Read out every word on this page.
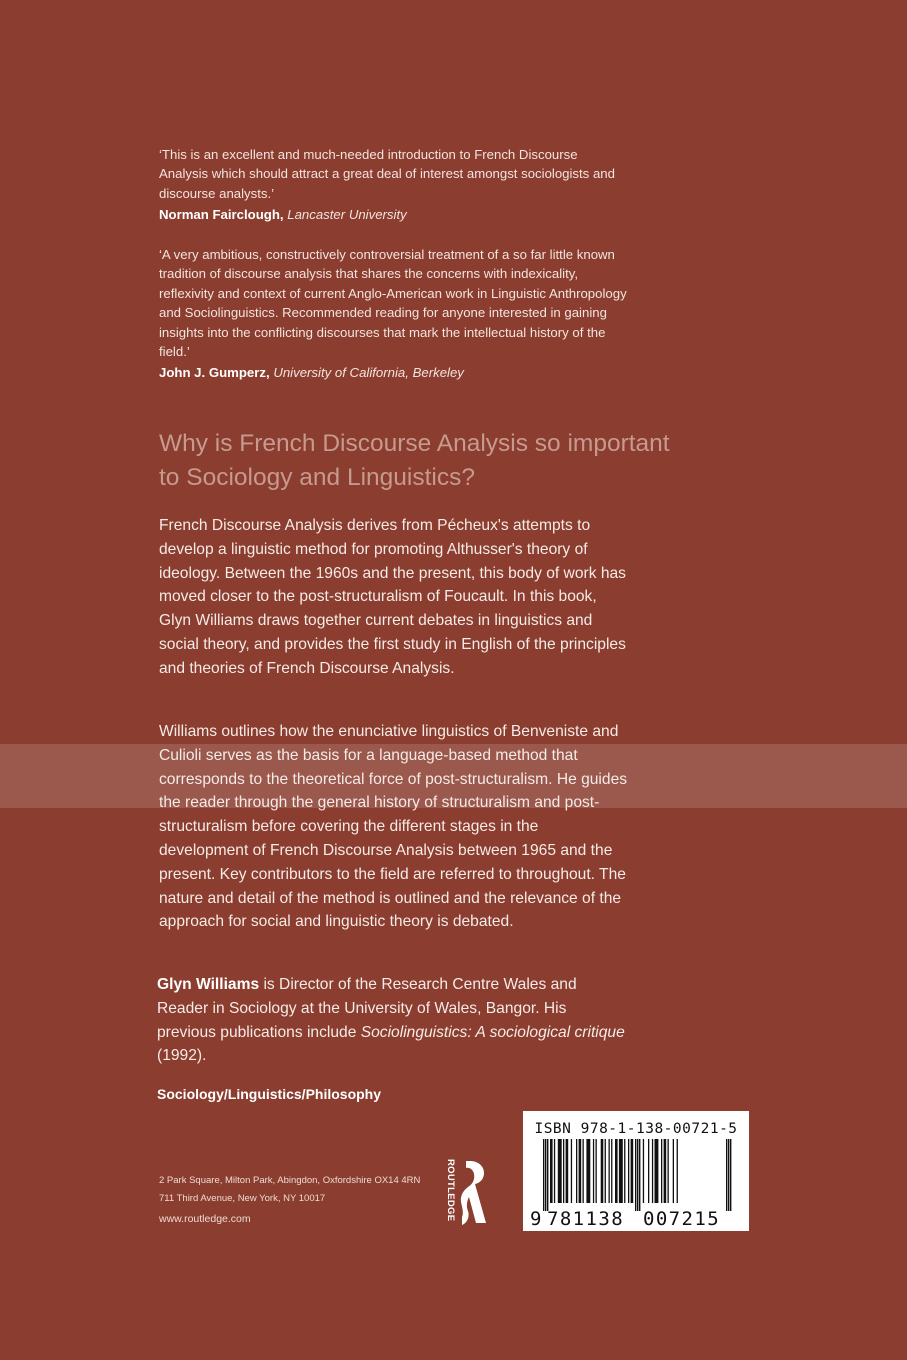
‘This is an excellent and much-needed introduction to French Discourse Analysis which should attract a great deal of interest amongst sociologists and discourse analysts.’
Norman Fairclough, Lancaster University
‘A very ambitious, constructively controversial treatment of a so far little known tradition of discourse analysis that shares the concerns with indexicality, reflexivity and context of current Anglo-American work in Linguistic Anthropology and Sociolinguistics. Recommended reading for anyone interested in gaining insights into the conflicting discourses that mark the intellectual history of the field.’
John J. Gumperz, University of California, Berkeley
Why is French Discourse Analysis so important to Sociology and Linguistics?

French Discourse Analysis derives from Pécheux's attempts to develop a linguistic method for promoting Althusser's theory of ideology. Between the 1960s and the present, this body of work has moved closer to the post-structuralism of Foucault. In this book, Glyn Williams draws together current debates in linguistics and social theory, and provides the first study in English of the principles and theories of French Discourse Analysis.

Williams outlines how the enunciative linguistics of Benveniste and Culioli serves as the basis for a language-based method that corresponds to the theoretical force of post-structuralism. He guides the reader through the general history of structuralism and post-structuralism before covering the different stages in the development of French Discourse Analysis between 1965 and the present. Key contributors to the field are referred to throughout. The nature and detail of the method is outlined and the relevance of the approach for social and linguistic theory is debated.

Glyn Williams is Director of the Research Centre Wales and Reader in Sociology at the University of Wales, Bangor. His previous publications include Sociolinguistics: A sociological critique (1992).

Sociology/Linguistics/Philosophy
2 Park Square, Milton Park, Abingdon, Oxfordshire OX14 4RN
711 Third Avenue, New York, NY 10017
www.routledge.com	ROUTLEDGE
ISBN 978-1-138-00721-5
9 781138 007215
